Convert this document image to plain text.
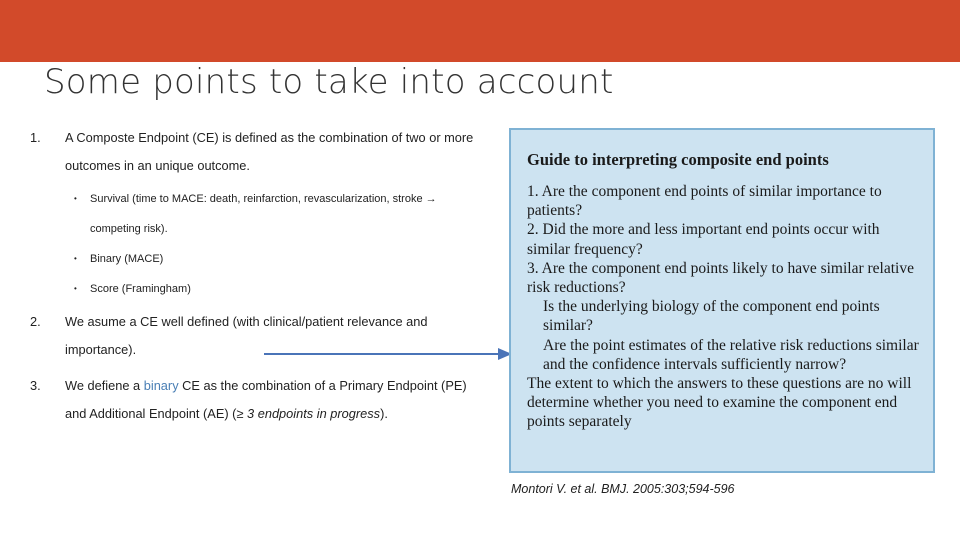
Some points to take into account
1. A Composte Endpoint (CE) is defined as the combination of two or more outcomes in an unique outcome.
• Survival (time to MACE: death, reinfarction, revascularization, stroke → competing risk).
• Binary (MACE)
• Score (Framingham)
2. We asume a CE well defined (with clinical/patient relevance and importance).
3. We defiene a binary CE as the combination of a Primary Endpoint (PE) and Additional Endpoint (AE) (≥ 3 endpoints in progress).
Guide to interpreting composite end points

1. Are the component end points of similar importance to patients?

2. Did the more and less important end points occur with similar frequency?

3. Are the component end points likely to have similar relative risk reductions?

Is the underlying biology of the component end points similar?

Are the point estimates of the relative risk reductions similar and the confidence intervals sufficiently narrow?

The extent to which the answers to these questions are no will determine whether you need to examine the component end points separately

Montori V. et al. BMJ. 2005:303;594-596
